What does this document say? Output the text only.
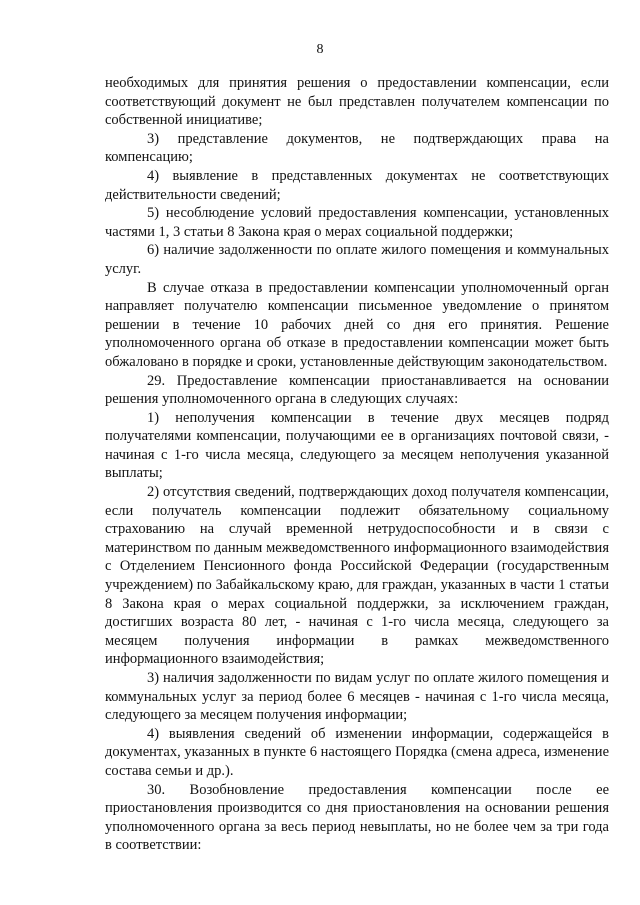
8

необходимых для принятия решения о предоставлении компенсации, если соответствующий документ не был представлен получателем компенсации по собственной инициативе;

3) представление документов, не подтверждающих права на компенсацию;

4) выявление в представленных документах не соответствующих действительности сведений;

5) несоблюдение условий предоставления компенсации, установленных частями 1, 3 статьи 8 Закона края о мерах социальной поддержки;

6) наличие задолженности по оплате жилого помещения и коммунальных услуг.

В случае отказа в предоставлении компенсации уполномоченный орган направляет получателю компенсации письменное уведомление о принятом решении в течение 10 рабочих дней со дня его принятия. Решение уполномоченного органа об отказе в предоставлении компенсации может быть обжаловано в порядке и сроки, установленные действующим законодательством.

29. Предоставление компенсации приостанавливается на основании решения уполномоченного органа в следующих случаях:

1) неполучения компенсации в течение двух месяцев подряд получателями компенсации, получающими ее в организациях почтовой связи, - начиная с 1-го числа месяца, следующего за месяцем неполучения указанной выплаты;

2) отсутствия сведений, подтверждающих доход получателя компенсации, если получатель компенсации подлежит обязательному социальному страхованию на случай временной нетрудоспособности и в связи с материнством по данным межведомственного информационного взаимодействия с Отделением Пенсионного фонда Российской Федерации (государственным учреждением) по Забайкальскому краю, для граждан, указанных в части 1 статьи 8 Закона края о мерах социальной поддержки, за исключением граждан, достигших возраста 80 лет, - начиная с 1-го числа месяца, следующего за месяцем получения информации в рамках межведомственного информационного взаимодействия;

3) наличия задолженности по видам услуг по оплате жилого помещения и коммунальных услуг за период более 6 месяцев - начиная с 1-го числа месяца, следующего за месяцем получения информации;

4) выявления сведений об изменении информации, содержащейся в документах, указанных в пункте 6 настоящего Порядка (смена адреса, изменение состава семьи и др.).

30. Возобновление предоставления компенсации после ее приостановления производится со дня приостановления на основании решения уполномоченного органа за весь период невыплаты, но не более чем за три года в соответствии:
